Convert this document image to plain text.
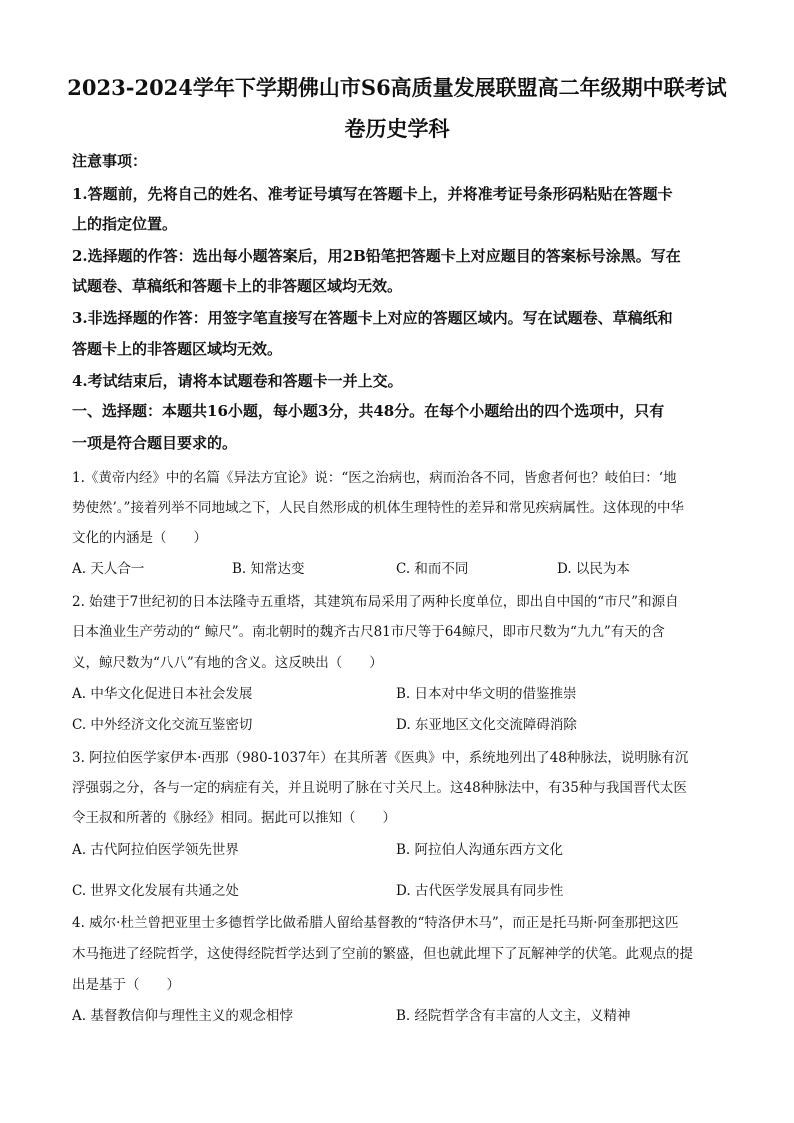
2023-2024学年下学期佛山市S6高质量发展联盟高二年级期中联考试
卷历史学科
注意事项：
1.答题前，先将自己的姓名、准考证号填写在答题卡上，并将准考证号条形码粘贴在答题卡
上的指定位置。
2.选择题的作答：选出每小题答案后，用2B铅笔把答题卡上对应题目的答案标号涂黑。写在
试题卷、草稿纸和答题卡上的非答题区域均无效。
3.非选择题的作答：用签字笔直接写在答题卡上对应的答题区域内。写在试题卷、草稿纸和
答题卡上的非答题区域均无效。
4.考试结束后，请将本试题卷和答题卡一并上交。
一、选择题：本题共16小题，每小题3分，共48分。在每个小题给出的四个选项中，只有
一项是符合题目要求的。
1.《黄帝内经》中的名篇《异法方宜论》说：“医之治病也，病而治各不同，皆愈者何也？岐伯曰：‘地
势使然’。”接着列举不同地域之下，人民自然形成的机体生理特性的差异和常见疾病属性。这体现的中华
文化的内涵是（　　）
A. 天人合一	B. 知常达变	C. 和而不同	D. 以民为本
2. 始建于7世纪初的日本法隆寺五重塔，其建筑布局采用了两种长度单位，即出自中国的“市尺”和源自
日本渔业生产劳动的“ 鲸尺”。南北朝时的魏齐古尺81市尺等于64鲸尺，即市尺数为“九九”有天的含
义，鲸尺数为“八八”有地的含义。这反映出（　　）
A. 中华文化促进日本社会发展	B. 日本对中华文明的借鉴推崇
C. 中外经济文化交流互鉴密切	D. 东亚地区文化交流障碍消除
3. 阿拉伯医学家伊本·西那（980-1037年）在其所著《医典》中，系统地列出了48种脉法，说明脉有沉
浮强弱之分，各与一定的病症有关，并且说明了脉在寸关尺上。这48种脉法中，有35种与我国晋代太医
令王叔和所著的《脉经》相同。据此可以推知（　　）
A. 古代阿拉伯医学领先世界	B. 阿拉伯人沟通东西方文化
C. 世界文化发展有共通之处	D. 古代医学发展具有同步性
4. 威尔·杜兰曾把亚里士多德哲学比做希腊人留给基督教的“特洛伊木马”，而正是托马斯·阿奎那把这匹
木马拖进了经院哲学，这使得经院哲学达到了空前的繁盛，但也就此埋下了瓦解神学的伏笔。此观点的提
出是基于（　　）
A. 基督教信仰与理性主义的观念相悖	B. 经院哲学含有丰富的人文主，义精神
